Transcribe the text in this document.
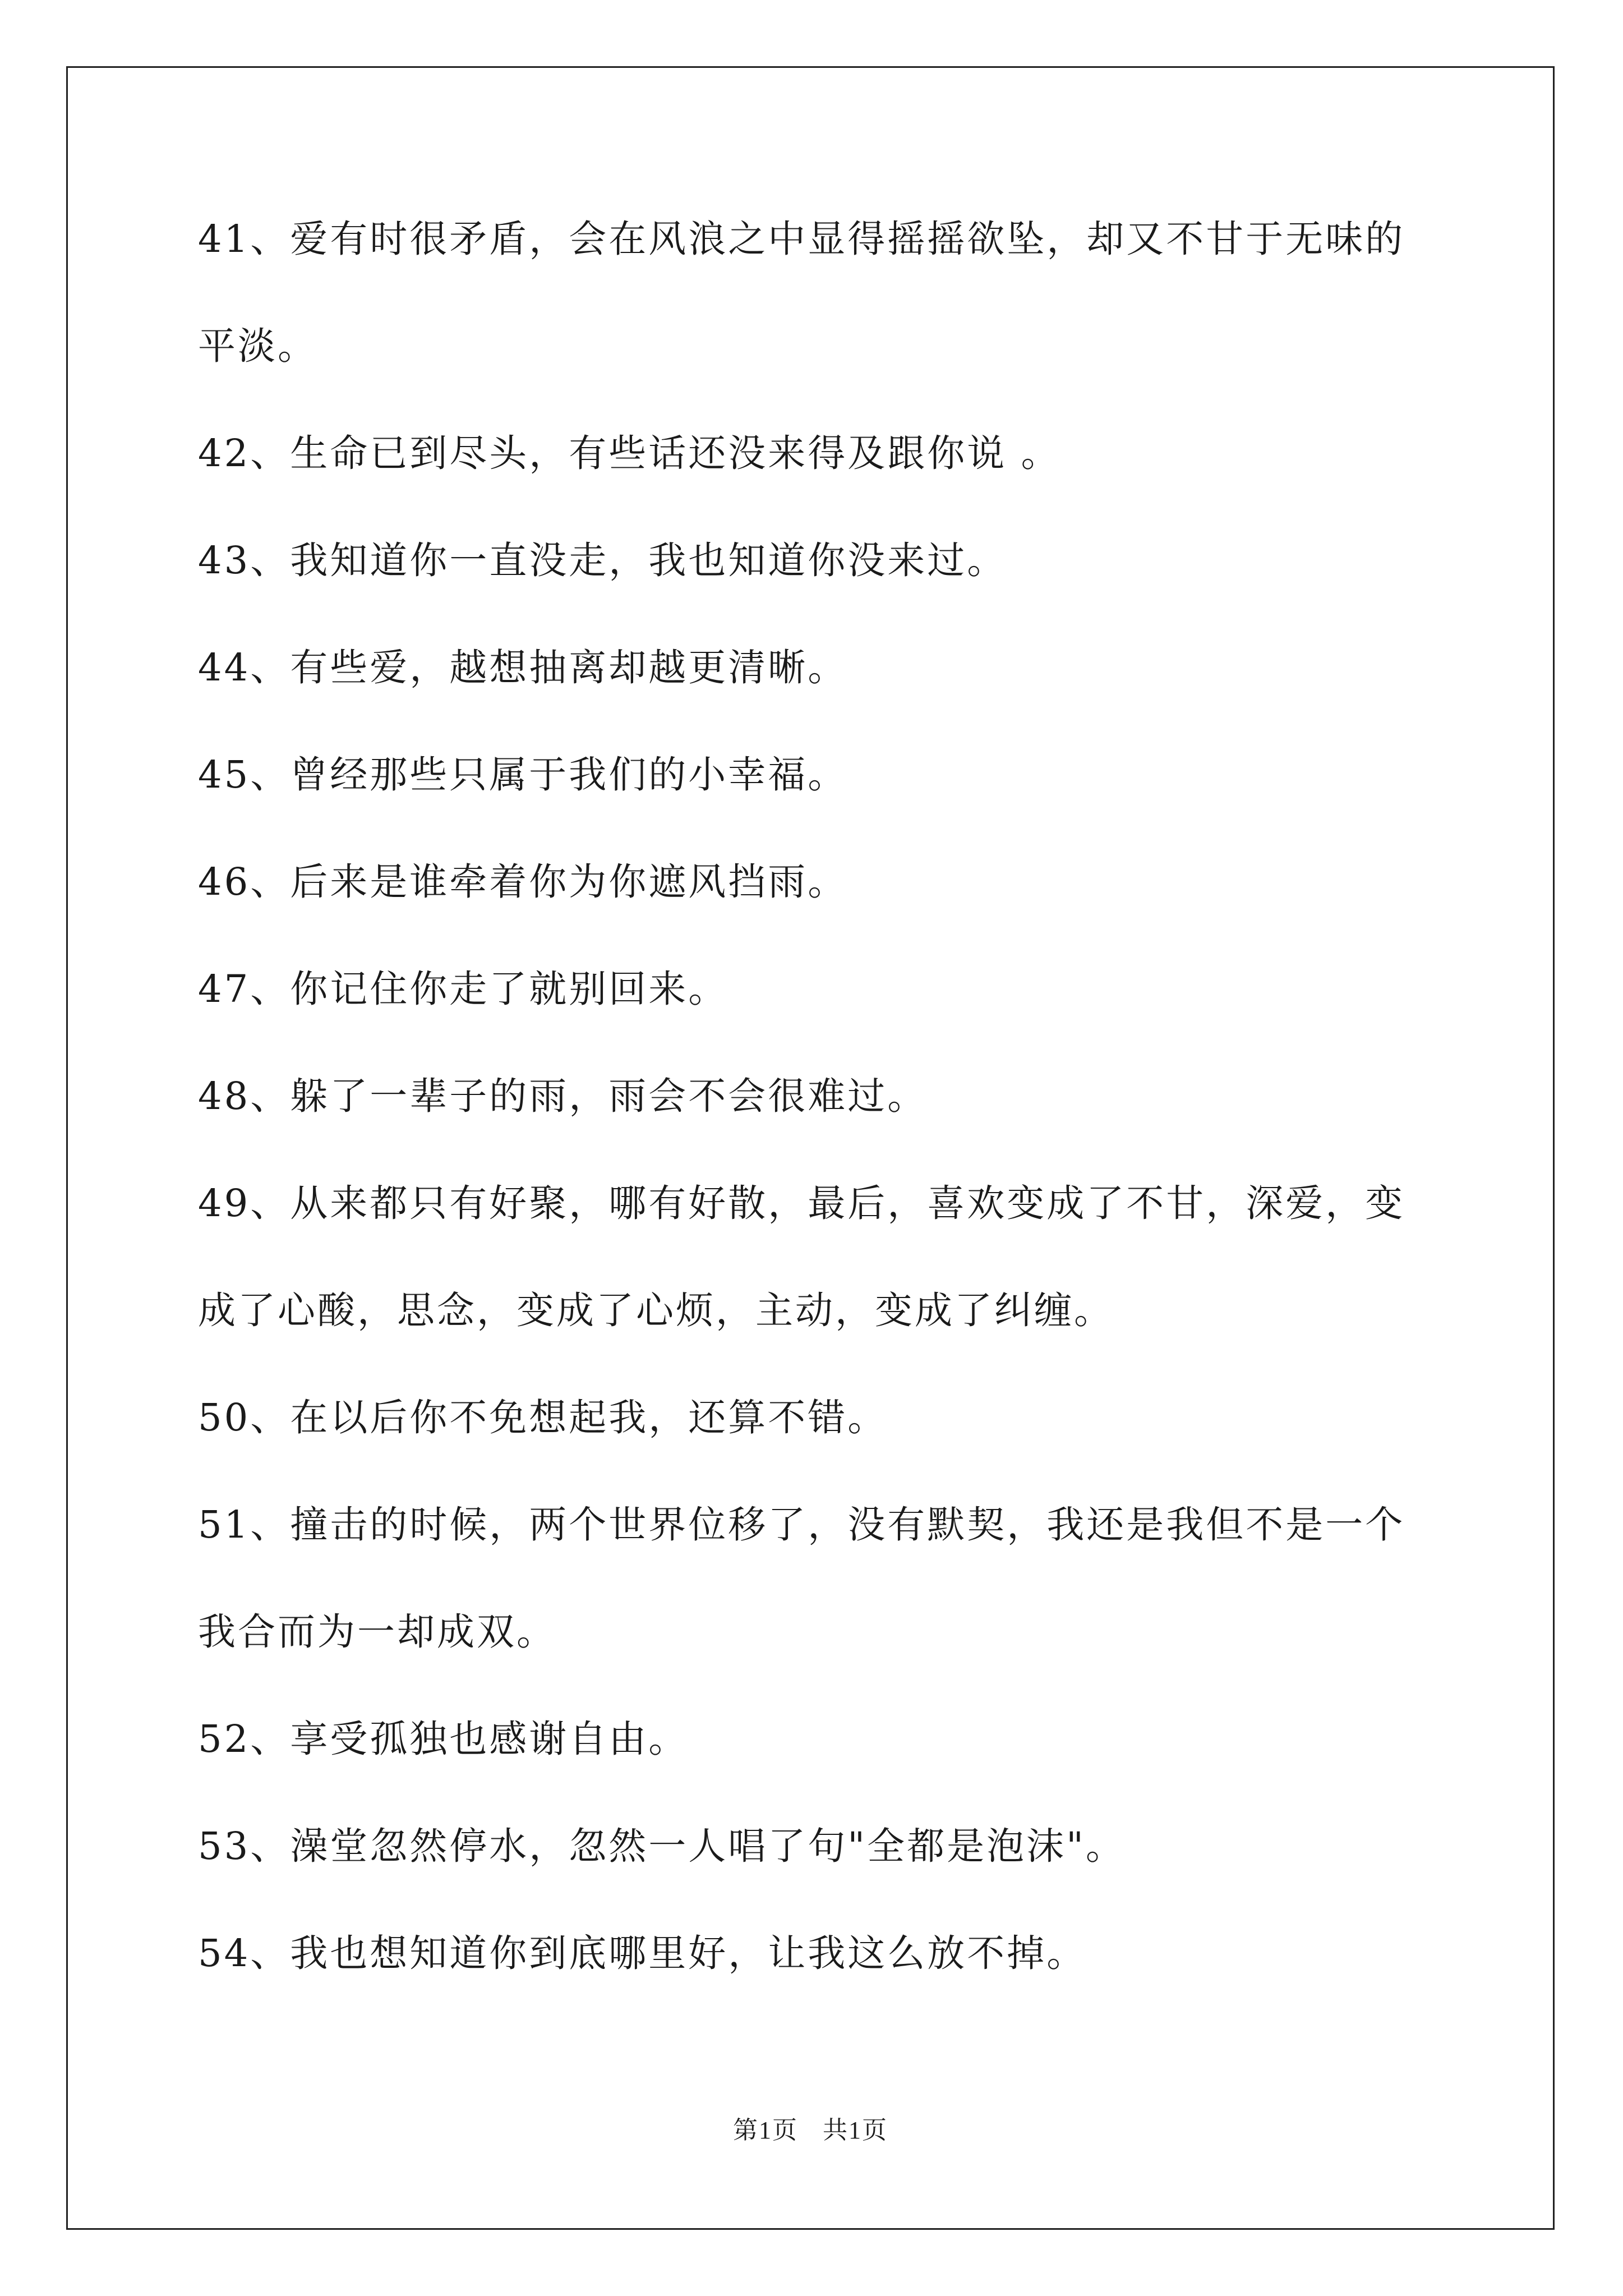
41、爱有时很矛盾，会在风浪之中显得摇摇欲坠，却又不甘于无味的
平淡。
42、生命已到尽头，有些话还没来得及跟你说 。
43、我知道你一直没走，我也知道你没来过。
44、有些爱，越想抽离却越更清晰。
45、曾经那些只属于我们的小幸福。
46、后来是谁牵着你为你遮风挡雨。
47、你记住你走了就别回来。
48、躲了一辈子的雨，雨会不会很难过。
49、从来都只有好聚，哪有好散，最后，喜欢变成了不甘，深爱，变
成了心酸，思念，变成了心烦，主动，变成了纠缠。
50、在以后你不免想起我，还算不错。
51、撞击的时候，两个世界位移了，没有默契，我还是我但不是一个
我合而为一却成双。
52、享受孤独也感谢自由。
53、澡堂忽然停水，忽然一人唱了句"全都是泡沫"。
54、我也想知道你到底哪里好，让我这么放不掉。
第1页 共1页
